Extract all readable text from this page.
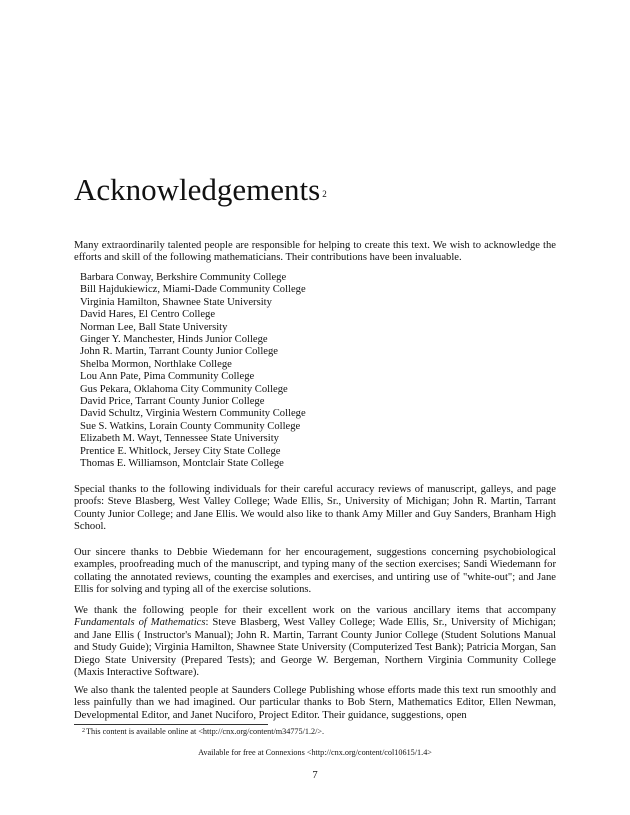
Acknowledgements $^2$

Many extraordinarily talented people are responsible for helping to create this text. We wish to acknowledge the efforts and skill of the following mathematicians. Their contributions have been invaluable.

Barbara Conway, Berkshire Community College
Bill Hajdukiewicz, Miami-Dade Community College
Virginia Hamilton, Shawnee State University
David Hares, El Centro College
Norman Lee, Ball State University
Ginger Y. Manchester, Hinds Junior College
John R. Martin, Tarrant County Junior College
Shelba Mormon, Northlake College
Lou Ann Pate, Pima Community College
Gus Pekara, Oklahoma City Community College
David Price, Tarrant County Junior College
David Schultz, Virginia Western Community College
Sue S. Watkins, Lorain County Community College
Elizabeth M. Wayt, Tennessee State University
Prentice E. Whitlock, Jersey City State College
Thomas E. Williamson, Montclair State College

Special thanks to the following individuals for their careful accuracy reviews of manuscript, galleys, and page proofs: Steve Blasberg, West Valley College; Wade Ellis, Sr., University of Michigan; John R. Martin, Tarrant County Junior College; and Jane Ellis. We would also like to thank Amy Miller and Guy Sanders, Branham High School.

Our sincere thanks to Debbie Wiedemann for her encouragement, suggestions concerning psychobiological examples, proofreading much of the manuscript, and typing many of the section exercises; Sandi Wiedemann for collating the annotated reviews, counting the examples and exercises, and untiring use of "white-out"; and Jane Ellis for solving and typing all of the exercise solutions.

We thank the following people for their excellent work on the various ancillary items that accompany Fundamentals of Mathematics: Steve Blasberg, West Valley College; Wade Ellis, Sr., University of Michigan; and Jane Ellis ( Instructor's Manual); John R. Martin, Tarrant County Junior College (Student Solutions Manual and Study Guide); Virginia Hamilton, Shawnee State University (Computerized Test Bank); Patricia Morgan, San Diego State University (Prepared Tests); and George W. Bergeman, Northern Virginia Community College (Maxis Interactive Software).

We also thank the talented people at Saunders College Publishing whose efforts made this text run smoothly and less painfully than we had imagined. Our particular thanks to Bob Stern, Mathematics Editor, Ellen Newman, Developmental Editor, and Janet Nuciforo, Project Editor. Their guidance, suggestions, open

$^2$This content is available online at <http://cnx.org/content/m34775/1.2/>.
Available for free at Connexions <http://cnx.org/content/col10615/1.4>
7
